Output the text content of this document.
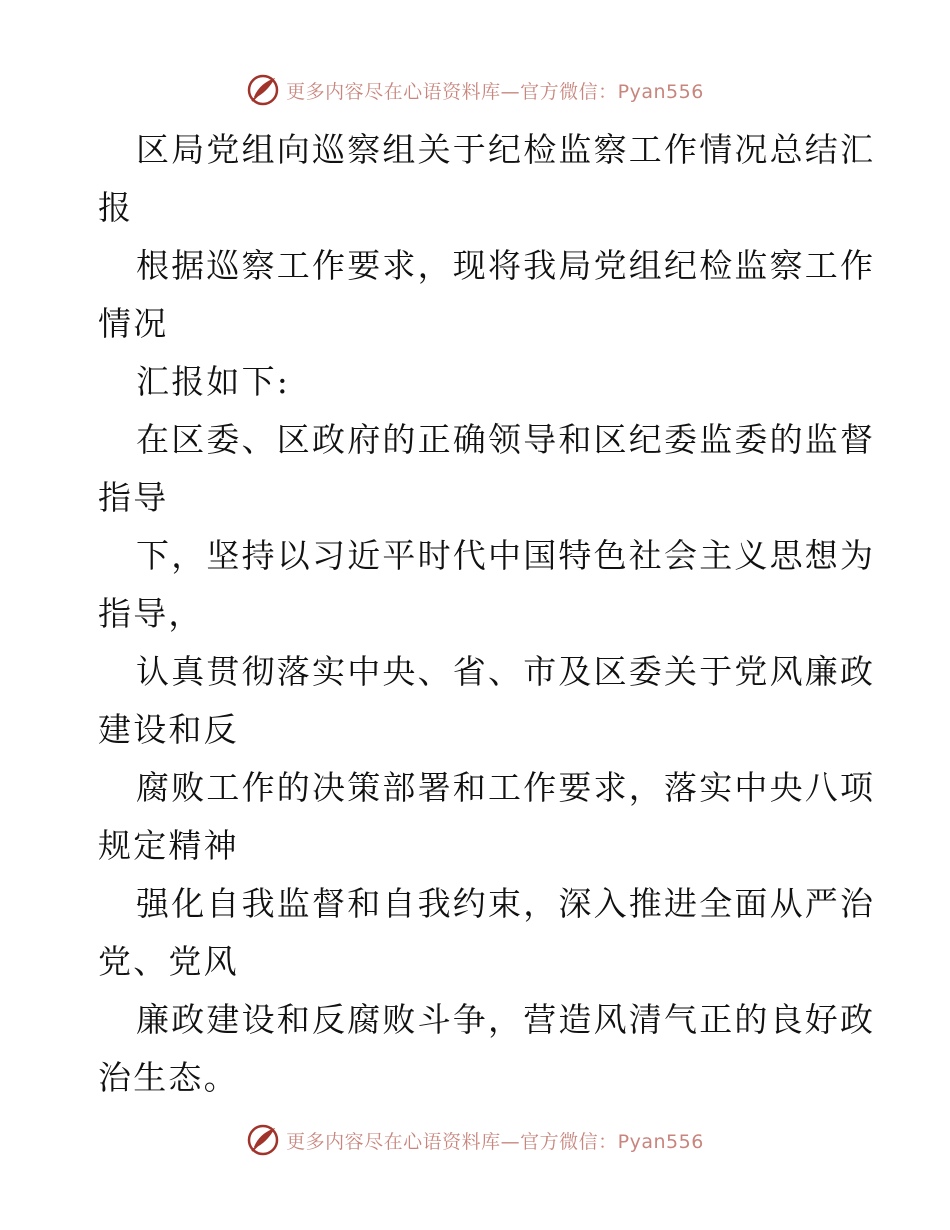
更多内容尽在心语资料库—官方微信：Pyan556
区局党组向巡察组关于纪检监察工作情况总结汇
报
根据巡察工作要求，现将我局党组纪检监察工作
情况
汇报如下:
在区委、区政府的正确领导和区纪委监委的监督
指导
下，坚持以习近平时代中国特色社会主义思想为
指导，
认真贯彻落实中央、省、市及区委关于党风廉政
建设和反
腐败工作的决策部署和工作要求，落实中央八项
规定精神
强化自我监督和自我约束，深入推进全面从严治
党、党风
廉政建设和反腐败斗争，营造风清气正的良好政
治生态。
更多内容尽在心语资料库—官方微信：Pyan556
